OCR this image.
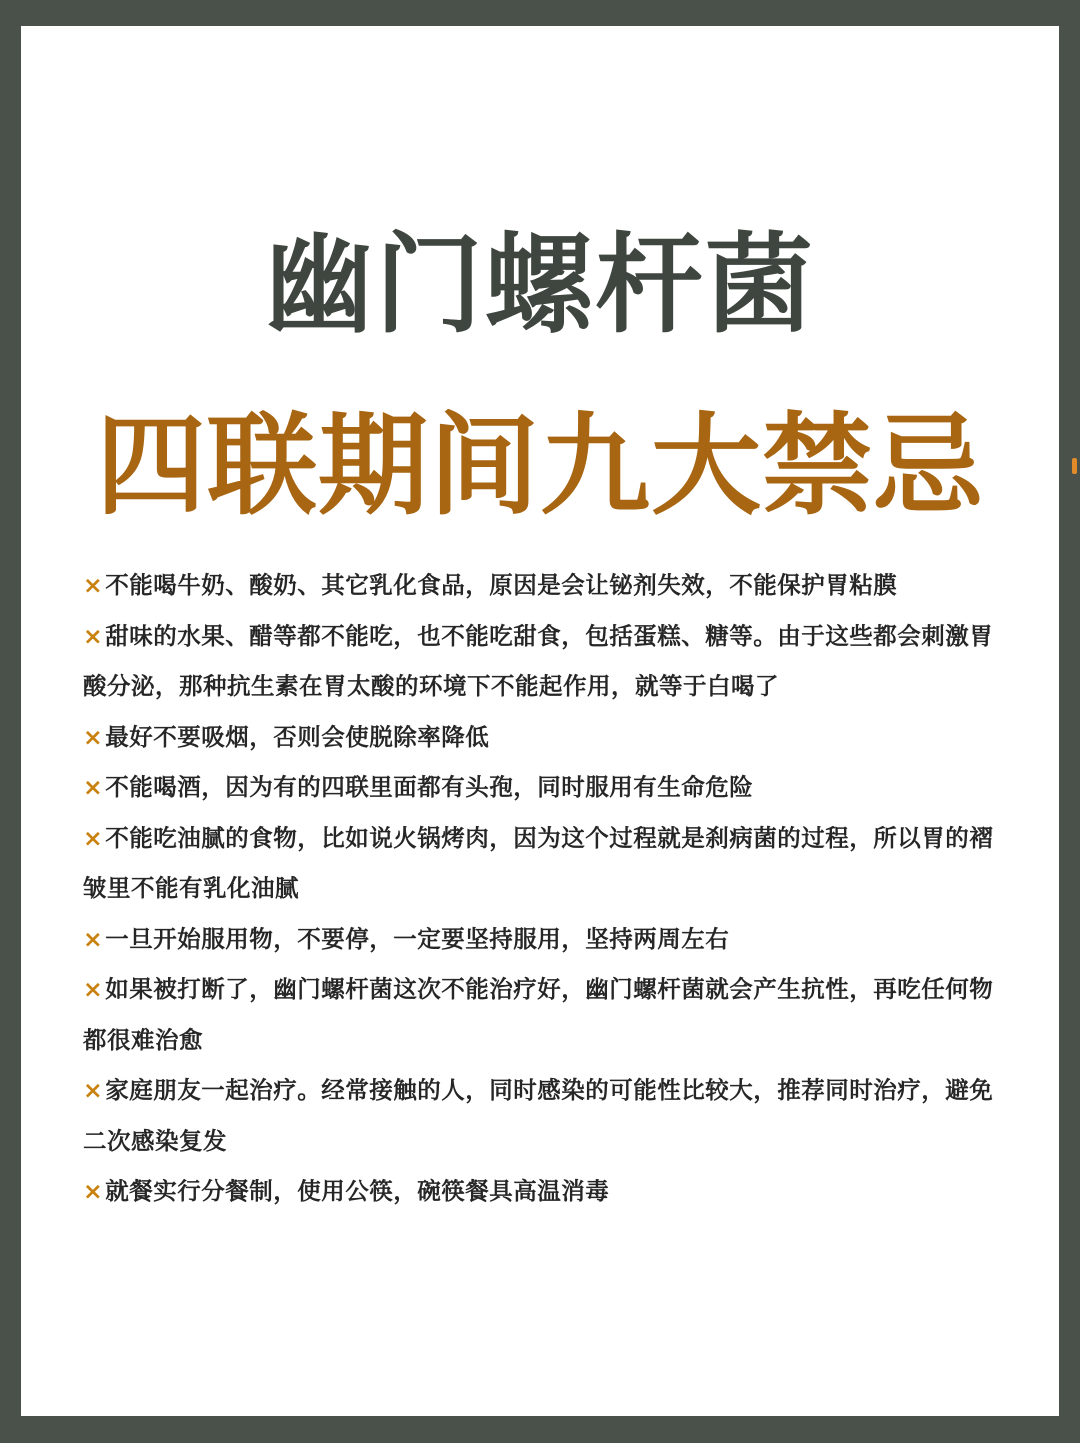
幽门螺杆菌
四联期间九大禁忌
×不能喝牛奶、酸奶、其它乳化食品，原因是会让铋剂失效，不能保护胃粘膜
×甜味的水果、醋等都不能吃，也不能吃甜食，包括蛋糕、糖等。由于这些都会刺激胃酸分泌，那种抗生素在胃太酸的环境下不能起作用，就等于白喝了
×最好不要吸烟，否则会使脱除率降低
×不能喝酒，因为有的四联里面都有头孢，同时服用有生命危险
×不能吃油腻的食物，比如说火锅烤肉，因为这个过程就是刹病菌的过程，所以胃的褶皱里不能有乳化油腻
×一旦开始服用物，不要停，一定要坚持服用，坚持两周左右
×如果被打断了，幽门螺杆菌这次不能治疗好，幽门螺杆菌就会产生抗性，再吃任何物都很难治愈
×家庭朋友一起治疗。经常接触的人，同时感染的可能性比较大，推荐同时治疗，避免二次感染复发
×就餐实行分餐制，使用公筷，碗筷餐具高温消毒
